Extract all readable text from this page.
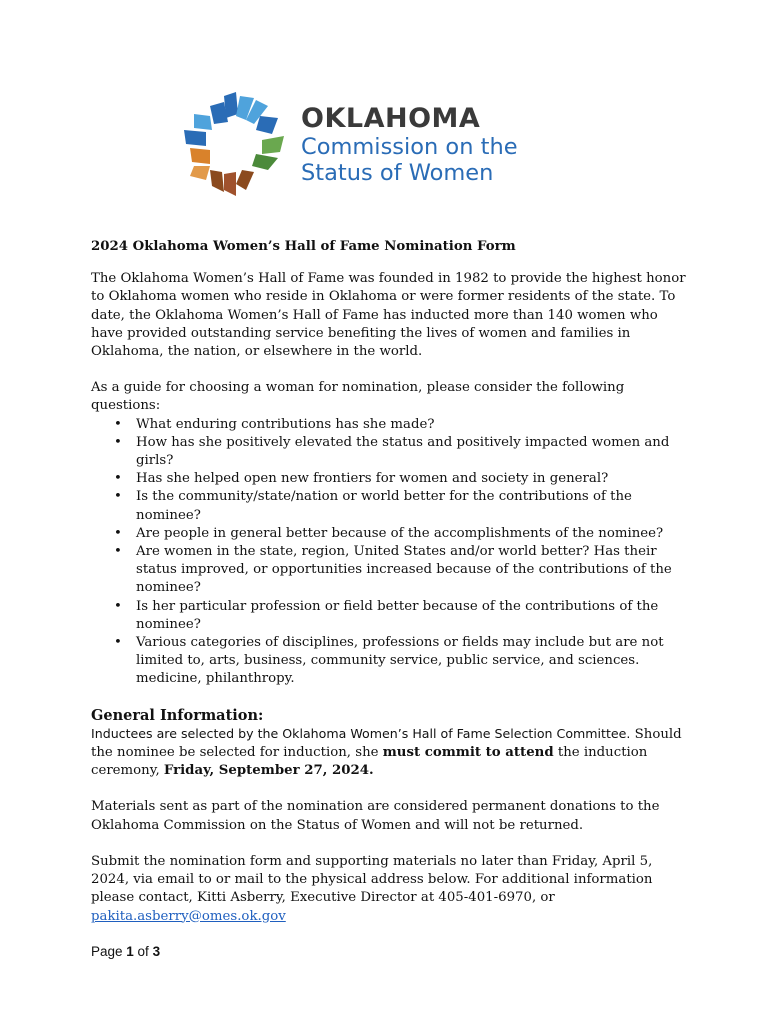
OKLAHOMA
Commission on the
Status of Women

2024 Oklahoma Women’s Hall of Fame Nomination Form

The Oklahoma Women’s Hall of Fame was founded in 1982 to provide the highest honor to Oklahoma women who reside in Oklahoma or were former residents of the state. To date, the Oklahoma Women’s Hall of Fame has inducted more than 140 women who have provided outstanding service benefiting the lives of women and families in Oklahoma, the nation, or elsewhere in the world.

As a guide for choosing a woman for nomination, please consider the following questions:

• What enduring contributions has she made?
• How has she positively elevated the status and positively impacted women and girls?
• Has she helped open new frontiers for women and society in general?
• Is the community/state/nation or world better for the contributions of the nominee?
• Are people in general better because of the accomplishments of the nominee?
• Are women in the state, region, United States and/or world better? Has their status improved, or opportunities increased because of the contributions of the nominee?
• Is her particular profession or field better because of the contributions of the nominee?
• Various categories of disciplines, professions or fields may include but are not limited to, arts, business, community service, public service, and sciences. medicine, philanthropy.

General Information:

Inductees are selected by the Oklahoma Women’s Hall of Fame Selection Committee. Should the nominee be selected for induction, she must commit to attend the induction ceremony, Friday, September 27, 2024.

Materials sent as part of the nomination are considered permanent donations to the Oklahoma Commission on the Status of Women and will not be returned.

Submit the nomination form and supporting materials no later than Friday, April 5, 2024, via email to or mail to the physical address below. For additional information please contact, Kitti Asberry, Executive Director at 405-401-6970, or pakita.asberry@omes.ok.gov

Page 1 of 3
